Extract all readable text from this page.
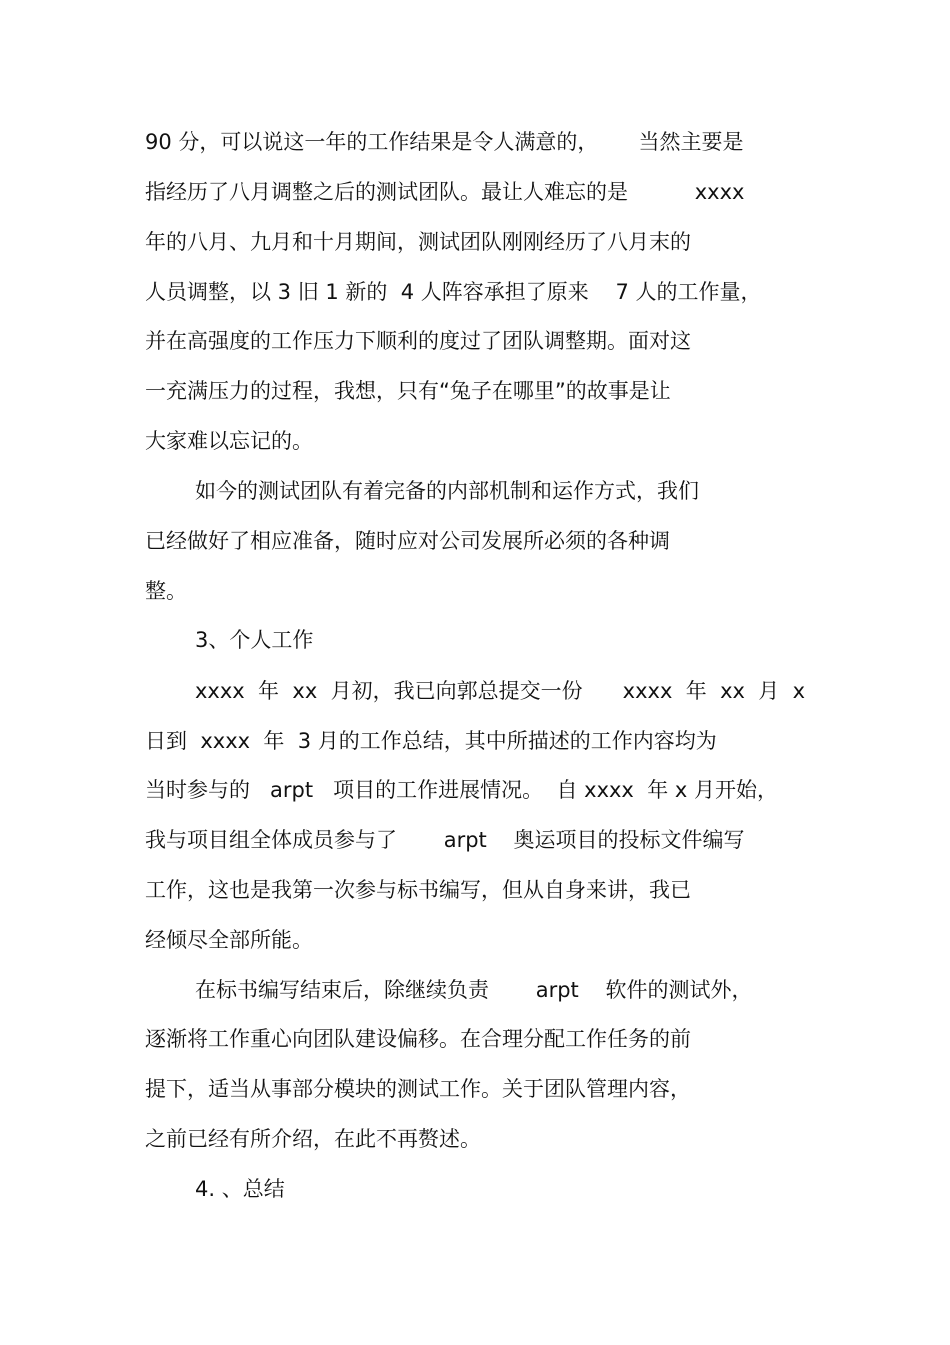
90 分，可以说这一年的工作结果是令人满意的，      当然主要是
指经历了八月调整之后的测试团队。最让人难忘的是          xxxx
年的八月、九月和十月期间，测试团队刚刚经历了八月末的
人员调整，以 3 旧 1 新的  4 人阵容承担了原来    7 人的工作量，
并在高强度的工作压力下顺利的度过了团队调整期。面对这
一充满压力的过程，我想，只有“兔子在哪里”的故事是让
大家难以忘记的。
如今的测试团队有着完备的内部机制和运作方式，我们
已经做好了相应准备，随时应对公司发展所必须的各种调
整。
3、个人工作
xxxx  年  xx  月初，我已向郭总提交一份      xxxx  年  xx  月  x
日到  xxxx  年  3 月的工作总结，其中所描述的工作内容均为
当时参与的   arpt   项目的工作进展情况。  自 xxxx  年 x 月开始，
我与项目组全体成员参与了       arpt    奥运项目的投标文件编写
工作，这也是我第一次参与标书编写，但从自身来讲，我已
经倾尽全部所能。
在标书编写结束后，除继续负责       arpt    软件的测试外，
逐渐将工作重心向团队建设偏移。在合理分配工作任务的前
提下，适当从事部分模块的测试工作。关于团队管理内容，
之前已经有所介绍，在此不再赘述。
4. 、总结
